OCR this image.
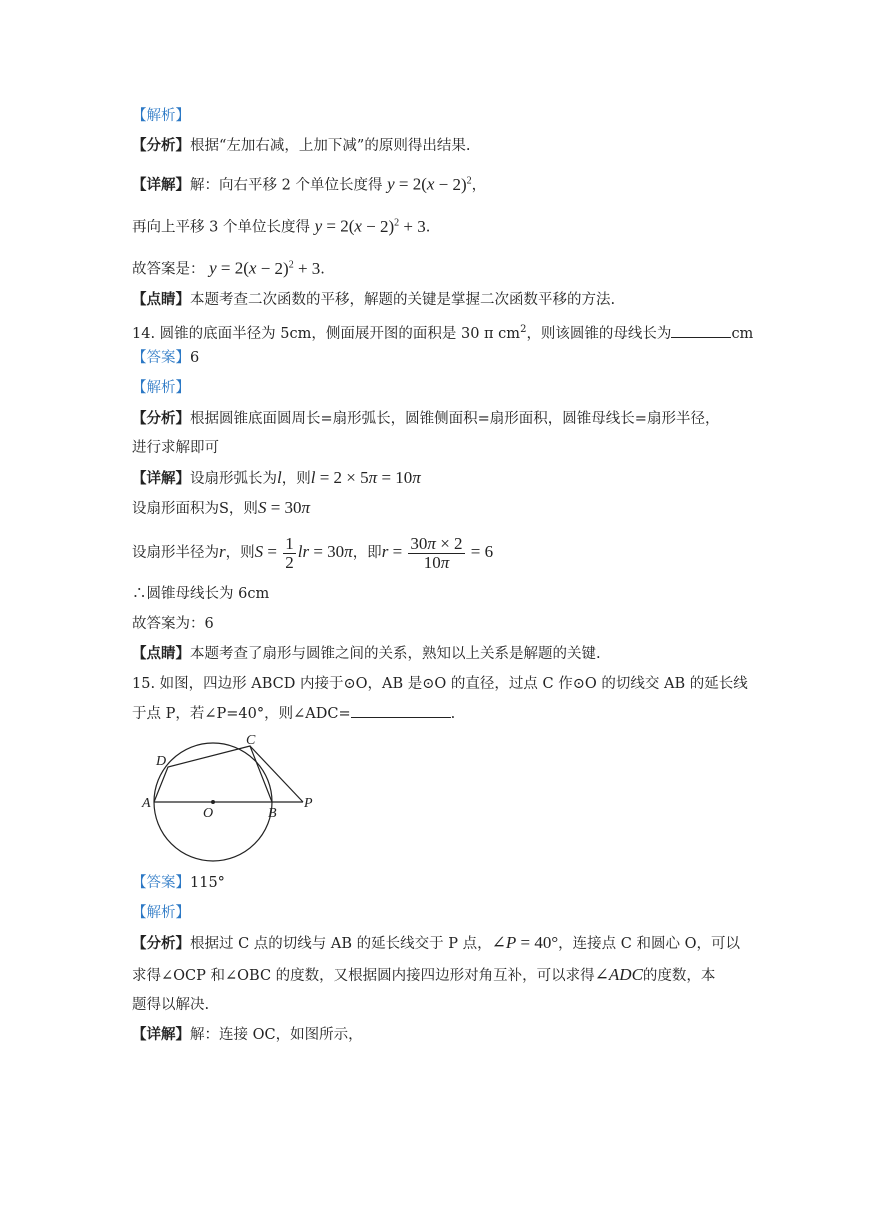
【解析】
【分析】根据“左加右减，上加下减”的原则得出结果.
【详解】解：向右平移 2 个单位长度得 $y = 2(x - 2)^2$，
再向上平移 3 个单位长度得 $y = 2(x - 2)^2 + 3$.
故答案是： $y = 2(x - 2)^2 + 3$.
【点睛】本题考查二次函数的平移，解题的关键是掌握二次函数平移的方法.
14. 圆锥的底面半径为 5cm，侧面展开图的面积是 30 π $cm^2$，则该圆锥的母线长为	cm
【答案】6
【解析】
【分析】根据圆锥底面圆周长=扇形弧长，圆锥侧面积=扇形面积，圆锥母线长=扇形半径，
进行求解即可
【详解】设扇形弧长为l，则l = 2 × 5π = 10π
设扇形面积为S，则S = 30π
设扇形半径为r，则$S = \frac{1}{2}$ lr = 30π，即$r = \frac{30\pi \times 2}{10\pi} = 6$
∴圆锥母线长为 6cm
故答案为：6
【点睛】本题考查了扇形与圆锥之间的关系，熟知以上关系是解题的关键.
15. 如图，四边形 ABCD 内接于⊙O，AB 是⊙O 的直径，过点 C 作⊙O 的切线交 AB 的延长线
于点 P，若∠P=40°，则∠ADC=	.
D
C
A
O	B
P
【答案】115°
【解析】
【分析】根据过 C 点的切线与 AB 的延长线交于 P 点，∠P = 40°，连接点 C 和圆心 O，可以
求得∠OCP 和∠OBC 的度数，又根据圆内接四边形对角互补，可以求得∠ADC的度数，本
题得以解决.
【详解】解：连接 OC，如图所示，
